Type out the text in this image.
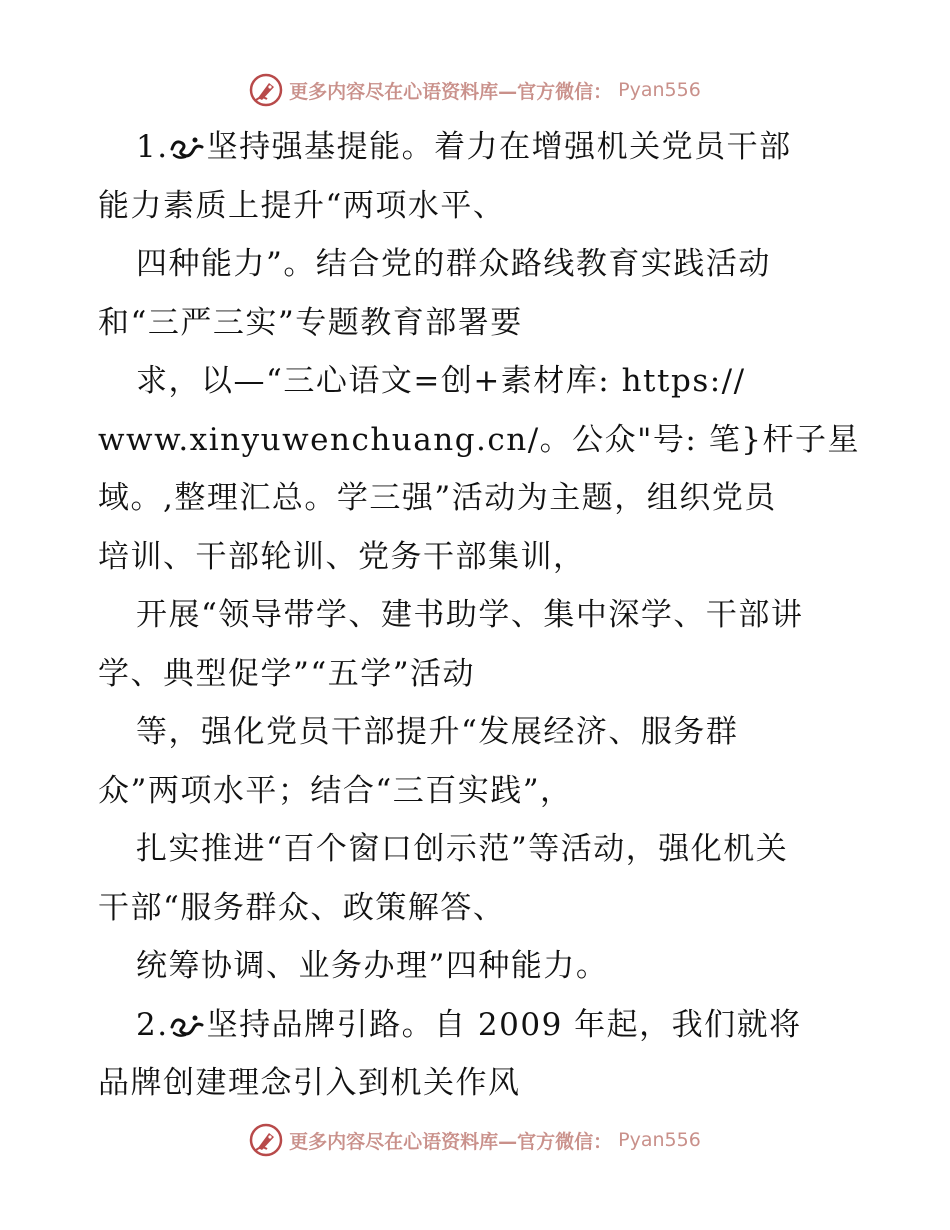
更多内容尽在心语资料库—官方微信： Pyan556
1. 坚持强基提能。着力在增强机关党员干部
能力素质上提升“两项水平、
四种能力”。结合党的群众路线教育实践活动
和“三严三实”专题教育部署要
求，以—“三心语文=创+素材库: https://
www.xinyuwenchuang.cn/。公众"号: 笔}杆子星
域。,整理汇总。学三强”活动为主题，组织党员
培训、干部轮训、党务干部集训，
开展“领导带学、建书助学、集中深学、干部讲
学、典型促学”“五学”活动
等，强化党员干部提升“发展经济、服务群
众”两项水平；结合“三百实践”，
扎实推进“百个窗口创示范”等活动，强化机关
干部“服务群众、政策解答、
统筹协调、业务办理”四种能力。
2. 坚持品牌引路。自 2009 年起，我们就将
品牌创建理念引入到机关作风
更多内容尽在心语资料库—官方微信： Pyan556
